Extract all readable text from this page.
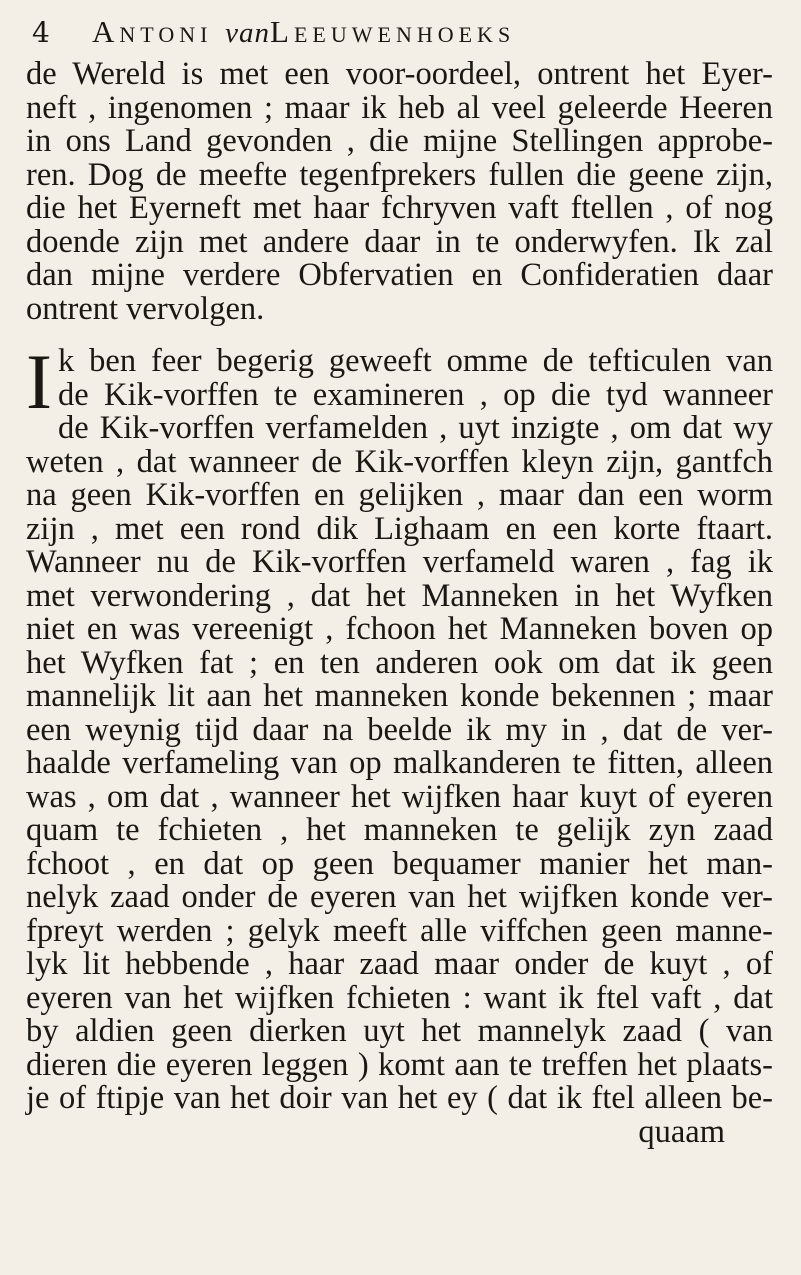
4	Antoni vanLeeuwenhoeks
de Wereld is met een voor-oordeel, ontrent het Eyer-
neft , ingenomen ; maar ik heb al veel geleerde Heeren
in ons Land gevonden , die mijne Stellingen approbe-
ren. Dog de meefte tegenfprekers fullen die geene zijn,
die het Eyerneft met haar fchryven vaft ftellen , of nog
doende zijn met andere daar in te onderwyfen. Ik zal
dan mijne verdere Obfervatien en Confideratien daar
ontrent vervolgen.
I k ben feer begerig geweeft omme de tefticulen van
de Kik-vorffen te examineren , op die tyd wanneer
de Kik-vorffen verfamelden , uyt inzigte , om dat wy
weten , dat wanneer de Kik-vorffen kleyn zijn, gantfch
na geen Kik-vorffen en gelijken , maar dan een worm
zijn , met een rond dik Lighaam en een korte ftaart.
Wanneer nu de Kik-vorffen verfameld waren , fag ik
met verwondering , dat het Manneken in het Wyfken
niet en was vereenigt , fchoon het Manneken boven op
het Wyfken fat ; en ten anderen ook om dat ik geen
mannelijk lit aan het manneken konde bekennen ; maar
een weynig tijd daar na beelde ik my in , dat de ver-
haalde verfameling van op malkanderen te fitten, alleen
was , om dat , wanneer het wijfken haar kuyt of eyeren
quam te fchieten , het manneken te gelijk zyn zaad
fchoot , en dat op geen bequamer manier het man-
nelyk zaad onder de eyeren van het wijfken konde ver-
fpreyt werden ; gelyk meeft alle viffchen geen manne-
lyk lit hebbende , haar zaad maar onder de kuyt , of
eyeren van het wijfken fchieten : want ik ftel vaft , dat
by aldien geen dierken uyt het mannelyk zaad ( van
dieren die eyeren leggen ) komt aan te treffen het plaats-
je of ftipje van het doir van het ey ( dat ik ftel alleen be-
quaam
